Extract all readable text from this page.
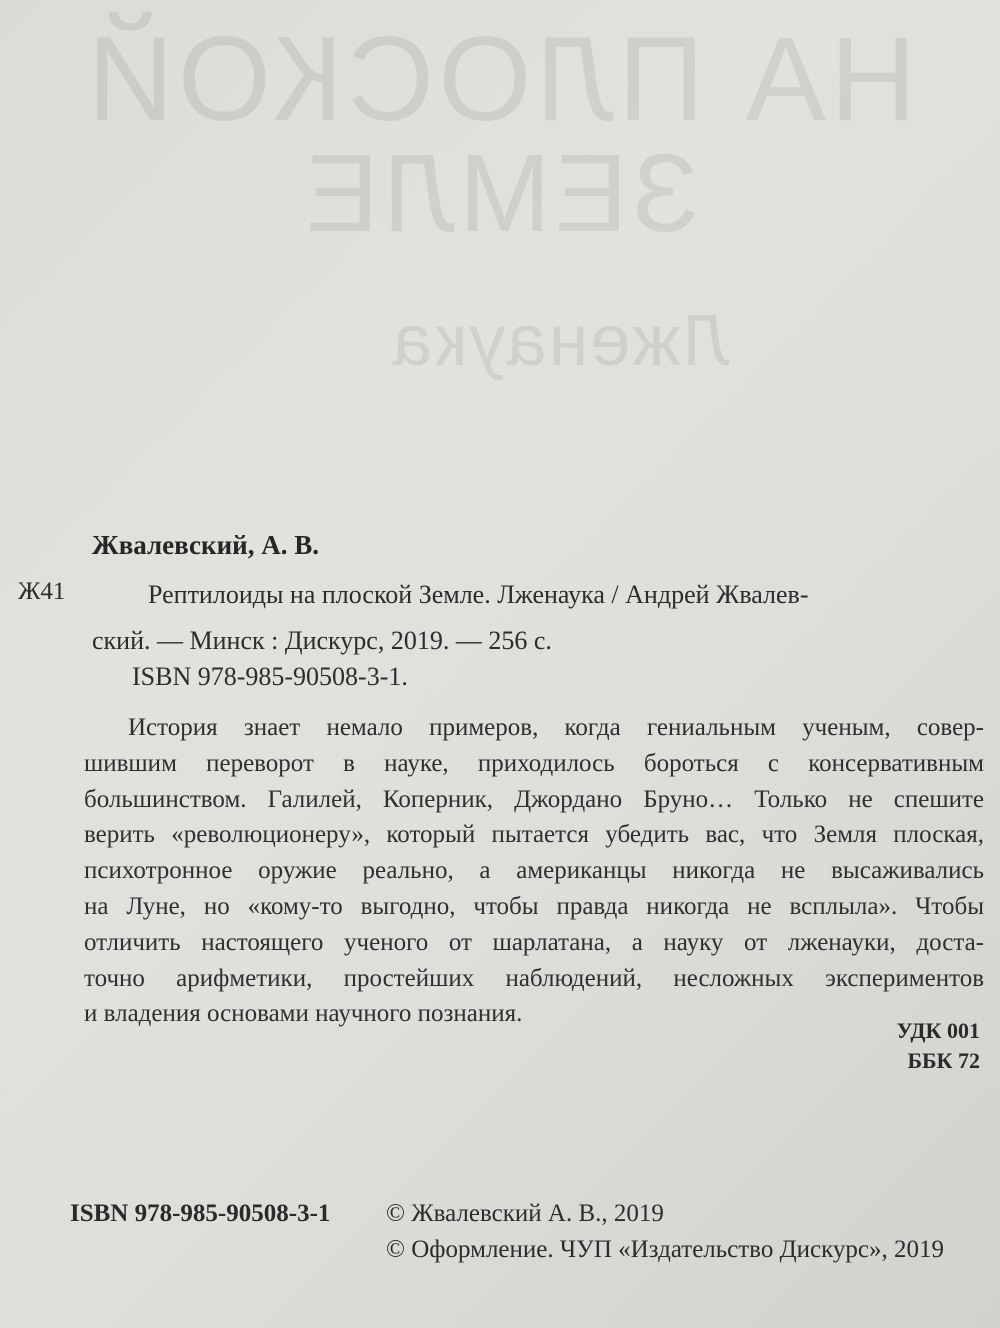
НА ПЛОСКОЙ
ЗЕМЛЕ
Лженаука
Жвалевский, А. В.
Ж41	Рептилоиды на плоской Земле. Лженаука / Андрей Жвалев-
ский. — Минск : Дискурс, 2019. — 256 с.
ISBN 978-985-90508-3-1.
История знает немало примеров, когда гениальным ученым, совер-
шившим переворот в науке, приходилось бороться с консервативным
большинством. Галилей, Коперник, Джордано Бруно… Только не спешите
верить «революционеру», который пытается убедить вас, что Земля плоская,
психотронное оружие реально, а американцы никогда не высаживались
на Луне, но «кому-то выгодно, чтобы правда никогда не всплыла». Чтобы
отличить настоящего ученого от шарлатана, а науку от лженауки, доста-
точно арифметики, простейших наблюдений, несложных экспериментов
и владения основами научного познания.
УДК 001
ББК 72
ISBN 978-985-90508-3-1 © Жвалевский А. В., 2019
© Оформление. ЧУП «Издательство Дискурс», 2019
